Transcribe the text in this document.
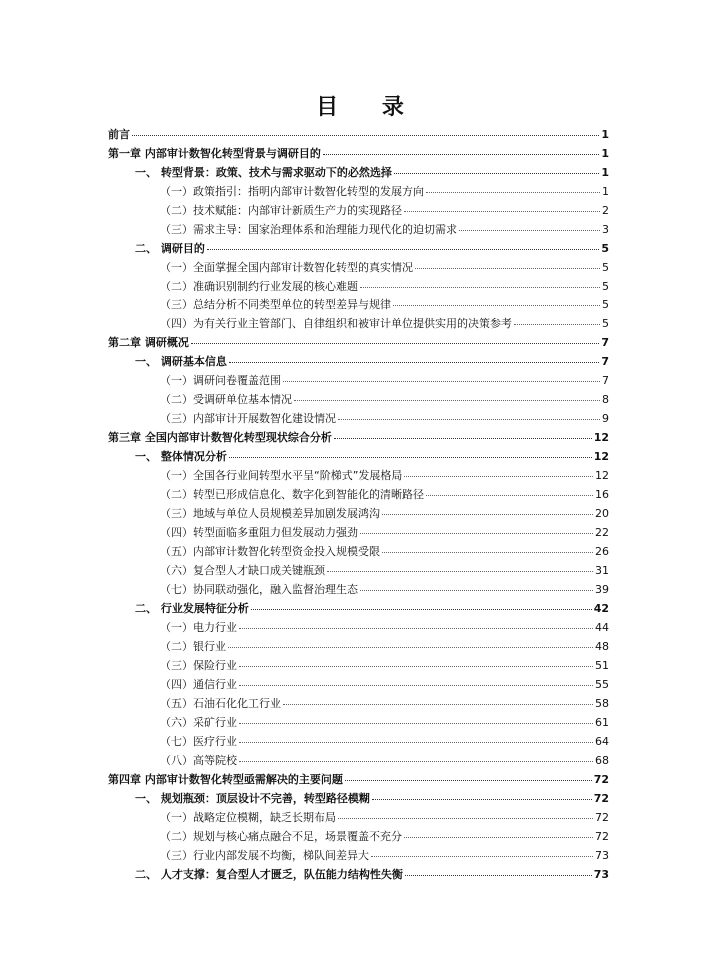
目 录
前言	1
第一章 内部审计数智化转型背景与调研目的	1
一、 转型背景：政策、技术与需求驱动下的必然选择	1
（一）政策指引：指明内部审计数智化转型的发展方向	1
（二）技术赋能：内部审计新质生产力的实现路径	2
（三）需求主导：国家治理体系和治理能力现代化的迫切需求	3
二、 调研目的	5
（一）全面掌握全国内部审计数智化转型的真实情况	5
（二）准确识别制约行业发展的核心难题	5
（三）总结分析不同类型单位的转型差异与规律	5
（四）为有关行业主管部门、自律组织和被审计单位提供实用的决策参考	5
第二章 调研概况	7
一、 调研基本信息	7
（一）调研问卷覆盖范围	7
（二）受调研单位基本情况	8
（三）内部审计开展数智化建设情况	9
第三章 全国内部审计数智化转型现状综合分析	12
一、 整体情况分析	12
（一）全国各行业间转型水平呈“阶梯式”发展格局	12
（二）转型已形成信息化、数字化到智能化的清晰路径	16
（三）地域与单位人员规模差异加剧发展鸿沟	20
（四）转型面临多重阻力但发展动力强劲	22
（五）内部审计数智化转型资金投入规模受限	26
（六）复合型人才缺口成关键瓶颈	31
（七）协同联动强化，融入监督治理生态	39
二、 行业发展特征分析	42
（一）电力行业	44
（二）银行业	48
（三）保险行业	51
（四）通信行业	55
（五）石油石化化工行业	58
（六）采矿行业	61
（七）医疗行业	64
（八）高等院校	68
第四章 内部审计数智化转型亟需解决的主要问题	72
一、 规划瓶颈：顶层设计不完善，转型路径模糊	72
（一）战略定位模糊，缺乏长期布局	72
（二）规划与核心痛点融合不足，场景覆盖不充分	72
（三）行业内部发展不均衡，梯队间差异大	73
二、 人才支撑：复合型人才匮乏，队伍能力结构性失衡	73
